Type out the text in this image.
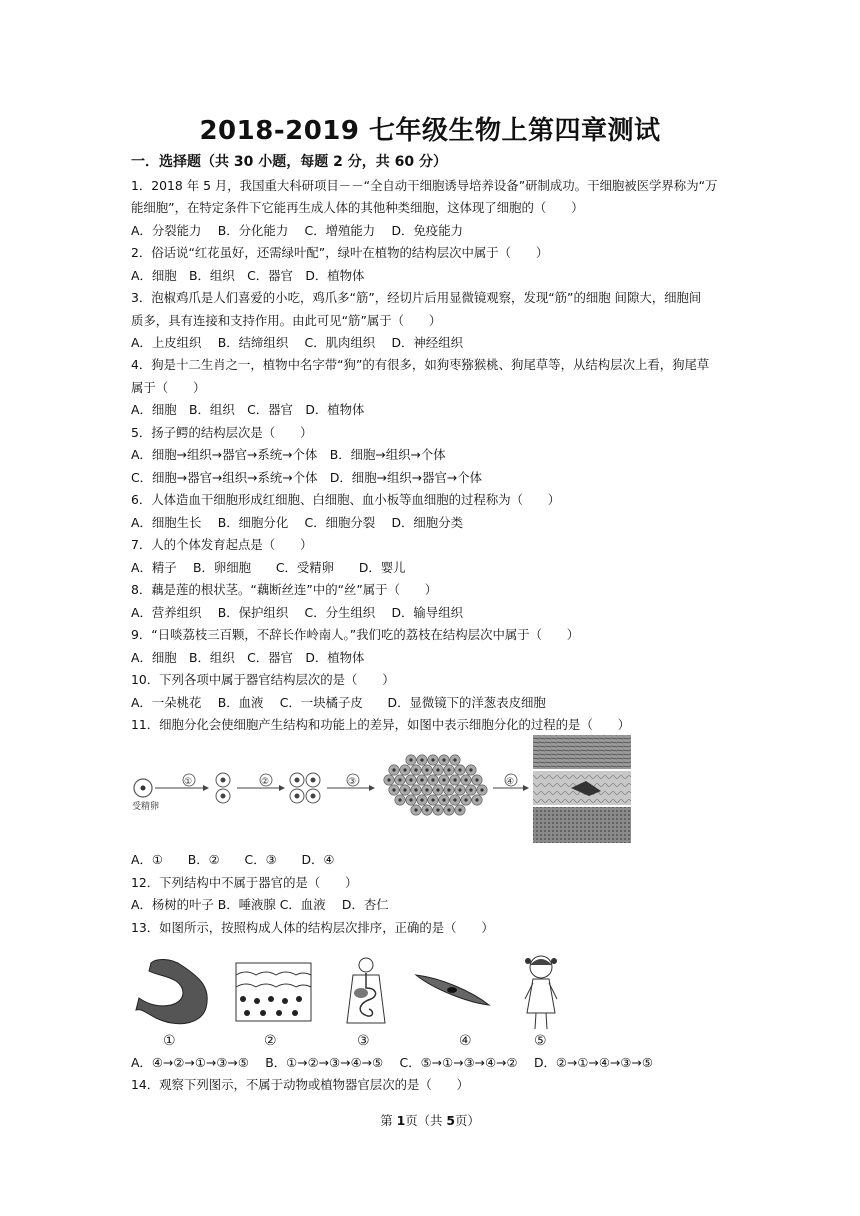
2018-2019 七年级生物上第四章测试
一．选择题（共 30 小题，每题 2 分，共 60 分）
1．2018 年 5 月，我国重大科研项目－－“全自动干细胞诱导培养设备”研制成功。干细胞被医学界称为“万
能细胞”，在特定条件下它能再生成人体的其他种类细胞，这体现了细胞的（　　）
A．分裂能力　 B．分化能力　 C．增殖能力　 D．免疫能力
2．俗话说“红花虽好，还需绿叶配”，绿叶在植物的结构层次中属于（　　）
A．细胞　B．组织　C．器官　D．植物体
3．泡椒鸡爪是人们喜爱的小吃，鸡爪多“筋”，经切片后用显微镜观察，发现“筋”的细胞 间隙大，细胞间
质多，具有连接和支持作用。由此可见“筋”属于（　　）
A．上皮组织　 B．结缔组织　 C．肌肉组织　 D．神经组织
4．狗是十二生肖之一，植物中名字带“狗”的有很多，如狗枣猕猴桃、狗尾草等，从结构层次上看，狗尾草
属于（　　）
A．细胞　B．组织　C．器官　D．植物体
5．扬子鳄的结构层次是（　　）
A．细胞→组织→器官→系统→个体　B．细胞→组织→个体
C．细胞→器官→组织→系统→个体　D．细胞→组织→器官→个体
6．人体造血干细胞形成红细胞、白细胞、血小板等血细胞的过程称为（　　）
A．细胞生长　 B．细胞分化　 C．细胞分裂　 D．细胞分类
7．人的个体发育起点是（　　）
A．精子　 B．卵细胞　　C．受精卵　　D．婴儿
8．藕是莲的根状茎。“藕断丝连”中的“丝”属于（　　）
A．营养组织　 B．保护组织　 C．分生组织　 D．输导组织
9．“日啖荔枝三百颗，不辞长作岭南人。”我们吃的荔枝在结构层次中属于（　　）
A．细胞　B．组织　C．器官　D．植物体
10．下列各项中属于器官结构层次的是（　　）
A．一朵桃花　 B．血液　 C．一块橘子皮　　D．显微镜下的洋葱表皮细胞
11．细胞分化会使细胞产生结构和功能上的差异，如图中表示细胞分化的过程的是（　　）
A．①　　B．②　　C．③　　D．④
12．下列结构中不属于器官的是（　　）
A．杨树的叶子 B．唾液腺 C．血液　 D．杏仁
13．如图所示，按照构成人体的结构层次排序，正确的是（　　）
A．④→②→①→③→⑤　 B．①→②→③→④→⑤　 C．⑤→①→③→④→②　 D．②→①→④→③→⑤
14．观察下列图示，不属于动物或植物器官层次的是（　　）
受精卵
①	②	③	④
①	②	③	④	⑤
第 1页（共 5页）
